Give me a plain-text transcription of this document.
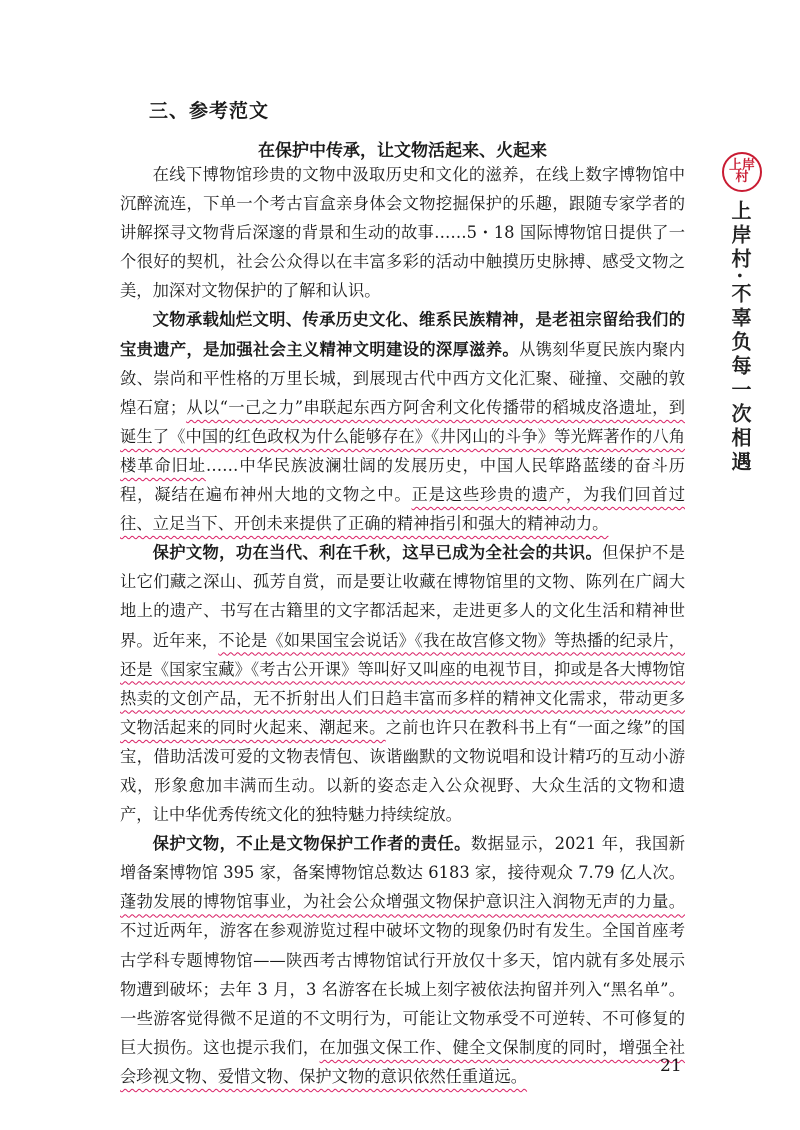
三、参考范文
在保护中传承，让文物活起来、火起来

在线下博物馆珍贵的文物中汲取历史和文化的滋养，在线上数字博物馆中沉醉流连，下单一个考古盲盒亲身体会文物挖掘保护的乐趣，跟随专家学者的讲解探寻文物背后深邃的背景和生动的故事……5・18 国际博物馆日提供了一个很好的契机，社会公众得以在丰富多彩的活动中触摸历史脉搏、感受文物之美，加深对文物保护的了解和认识。

文物承载灿烂文明、传承历史文化、维系民族精神，是老祖宗留给我们的宝贵遗产，是加强社会主义精神文明建设的深厚滋养。从镌刻华夏民族内聚内敛、崇尚和平性格的万里长城，到展现古代中西方文化汇聚、碰撞、交融的敦煌石窟；从以“一己之力”串联起东西方阿舍利文化传播带的稻城皮洛遗址，到诞生了《中国的红色政权为什么能够存在》《井冈山的斗争》等光辉著作的八角楼革命旧址……中华民族波澜壮阔的发展历史，中国人民筚路蓝缕的奋斗历程，凝结在遍布神州大地的文物之中。正是这些珍贵的遗产，为我们回首过往、立足当下、开创未来提供了正确的精神指引和强大的精神动力。

保护文物，功在当代、利在千秋，这早已成为全社会的共识。但保护不是让它们藏之深山、孤芳自赏，而是要让收藏在博物馆里的文物、陈列在广阔大地上的遗产、书写在古籍里的文字都活起来，走进更多人的文化生活和精神世界。近年来，不论是《如果国宝会说话》《我在故宫修文物》等热播的纪录片，还是《国家宝藏》《考古公开课》等叫好又叫座的电视节目，抑或是各大博物馆热卖的文创产品，无不折射出人们日趋丰富而多样的精神文化需求，带动更多文物活起来的同时火起来、潮起来。之前也许只在教科书上有“一面之缘”的国宝，借助活泼可爱的文物表情包、诙谐幽默的文物说唱和设计精巧的互动小游戏，形象愈加丰满而生动。以新的姿态走入公众视野、大众生活的文物和遗产，让中华优秀传统文化的独特魅力持续绽放。

保护文物，不止是文物保护工作者的责任。数据显示，2021 年，我国新增备案博物馆 395 家，备案博物馆总数达 6183 家，接待观众 7.79 亿人次。蓬勃发展的博物馆事业，为社会公众增强文物保护意识注入润物无声的力量。不过近两年，游客在参观游览过程中破坏文物的现象仍时有发生。全国首座考古学科专题博物馆——陕西考古博物馆试行开放仅十多天，馆内就有多处展示物遭到破坏；去年 3 月，3 名游客在长城上刻字被依法拘留并列入“黑名单”。一些游客觉得微不足道的不文明行为，可能让文物承受不可逆转、不可修复的巨大损伤。这也提示我们，在加强文保工作、健全文保制度的同时，增强全社会珍视文物、爱惜文物、保护文物的意识依然任重道远。

上岸村
上岸村·不辜负每一次相遇
21
